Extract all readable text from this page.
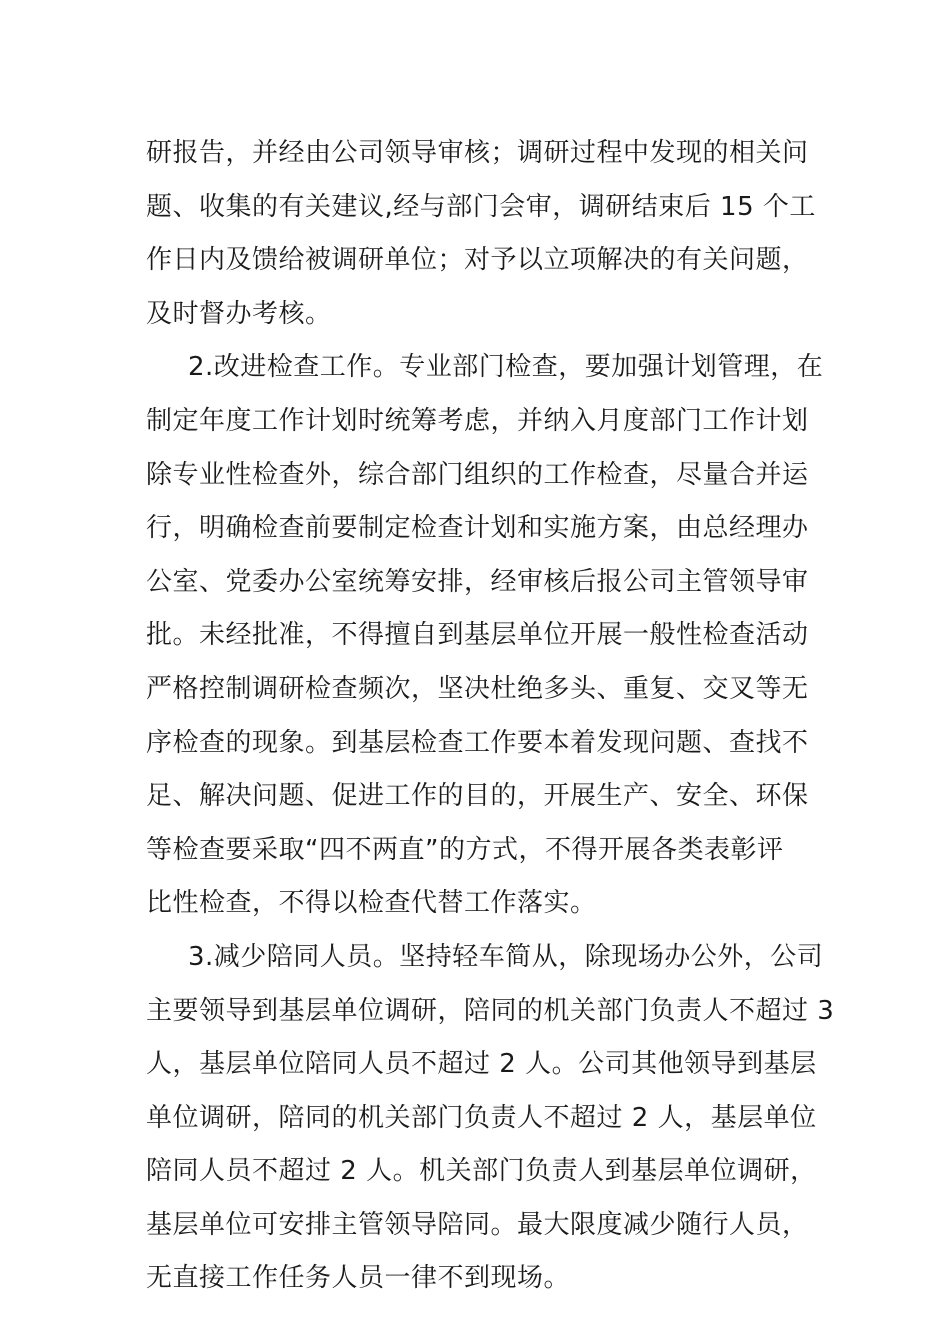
研报告，并经由公司领导审核；调研过程中发现的相关问
题、收集的有关建议,经与部门会审，调研结束后 15 个工
作日内及馈给被调研单位；对予以立项解决的有关问题，
及时督办考核。
2.改进检查工作。专业部门检查，要加强计划管理，在
制定年度工作计划时统筹考虑，并纳入月度部门工作计划
除专业性检查外，综合部门组织的工作检查，尽量合并运
行，明确检查前要制定检查计划和实施方案，由总经理办
公室、党委办公室统筹安排，经审核后报公司主管领导审
批。未经批准，不得擅自到基层单位开展一般性检查活动
严格控制调研检查频次，坚决杜绝多头、重复、交叉等无
序检查的现象。到基层检查工作要本着发现问题、查找不
足、解决问题、促进工作的目的，开展生产、安全、环保
等检查要采取“四不两直”的方式，不得开展各类表彰评
比性检查，不得以检查代替工作落实。
3.减少陪同人员。坚持轻车简从，除现场办公外，公司
主要领导到基层单位调研，陪同的机关部门负责人不超过 3
人，基层单位陪同人员不超过 2 人。公司其他领导到基层
单位调研，陪同的机关部门负责人不超过 2 人，基层单位
陪同人员不超过 2 人。机关部门负责人到基层单位调研，
基层单位可安排主管领导陪同。最大限度减少随行人员，
无直接工作任务人员一律不到现场。
